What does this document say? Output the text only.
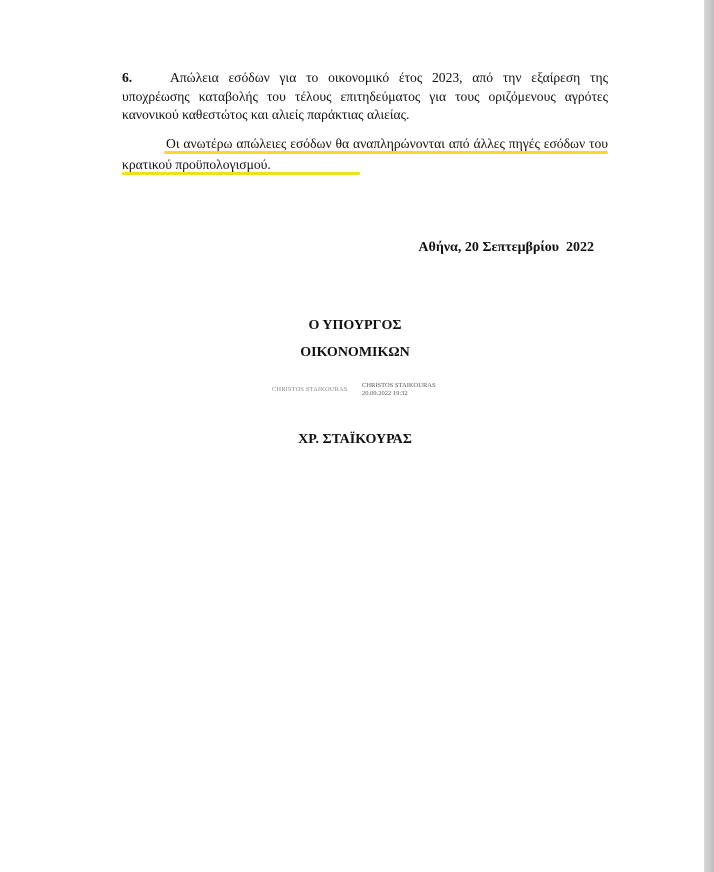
6.	Απώλεια εσόδων για το οικονομικό έτος 2023, από την εξαίρεση της υποχρέωσης καταβολής του τέλους επιτηδεύματος για τους οριζόμενους αγρότες κανονικού καθεστώτος και αλιείς παράκτιας αλιείας.

Οι ανωτέρω απώλειες εσόδων θα αναπληρώνονται από άλλες πηγές εσόδων του κρατικού προϋπολογισμού.

Αθήνα, 20 Σεπτεμβρίου  2022

Ο ΥΠΟΥΡΓΟΣ

ΟΙΚΟΝΟΜΙΚΩΝ

CHRISTOS STAIKOURAS
CHRISTOS STAIKOURAS
20.09.2022 19:32

ΧΡ. ΣΤΑΪΚΟΥΡΑΣ
